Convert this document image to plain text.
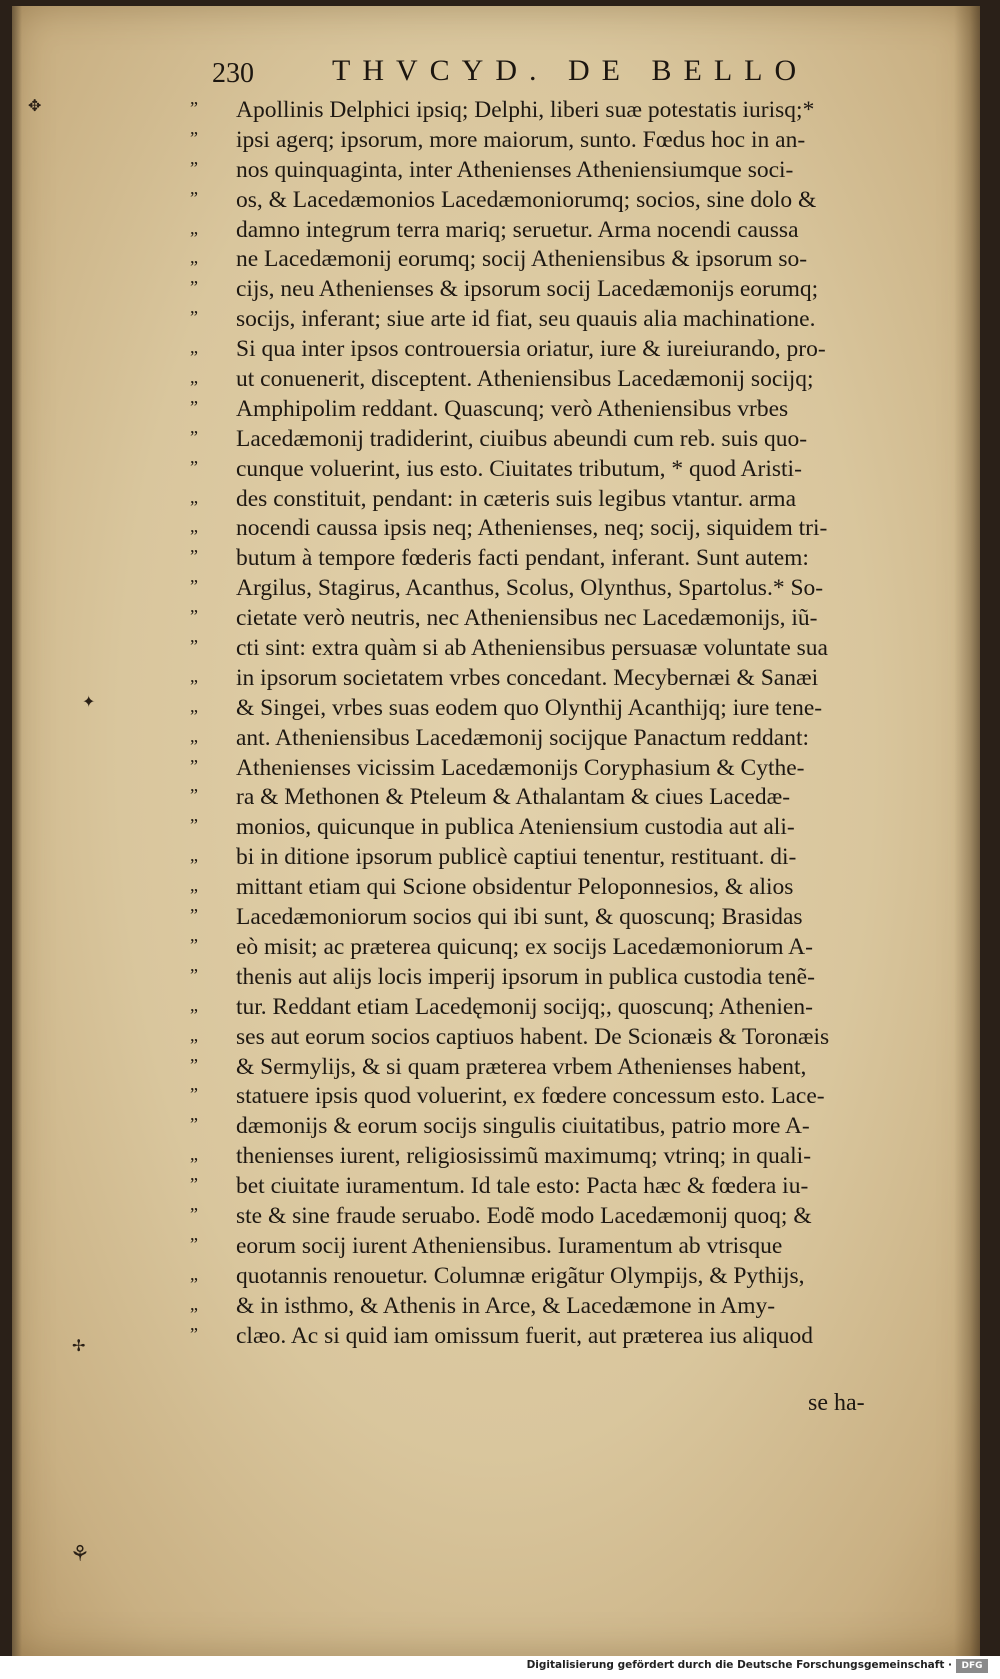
✥
✦
✢
⚘
230	THVCYD. DE BELLO
”	Apollinis Delphici ipsiq; Delphi, liberi suæ potestatis iurisq;*
”	ipsi agerq; ipsorum, more maiorum, sunto. Fœdus hoc in an-
”	nos quinquaginta, inter Athenienses Atheniensiumque soci-
”	os, & Lacedæmonios Lacedæmoniorumq; socios, sine dolo &
„	damno integrum terra mariq; seruetur. Arma nocendi caussa
„	ne Lacedæmonij eorumq; socij Atheniensibus & ipsorum so-
”	cijs, neu Athenienses & ipsorum socij Lacedæmonijs eorumq;
”	socijs, inferant; siue arte id fiat, seu quauis alia machinatione.
„	Si qua inter ipsos controuersia oriatur, iure & iureiurando, pro-
„	ut conuenerit, disceptent. Atheniensibus Lacedæmonij socijq;
”	Amphipolim reddant. Quascunq; verò Atheniensibus vrbes
”	Lacedæmonij tradiderint, ciuibus abeundi cum reb. suis quo-
”	cunque voluerint, ius esto. Ciuitates tributum, * quod Aristi-
„	des constituit, pendant: in cæteris suis legibus vtantur. arma
„	nocendi caussa ipsis neq; Athenienses, neq; socij, siquidem tri-
”	butum à tempore fœderis facti pendant, inferant. Sunt autem:
”	Argilus, Stagirus, Acanthus, Scolus, Olynthus, Spartolus.* So-
”	cietate verò neutris, nec Atheniensibus nec Lacedæmonijs, iũ-
”	cti sint: extra quàm si ab Atheniensibus persuasæ voluntate sua
„	in ipsorum societatem vrbes concedant. Mecybernæi & Sanæi
„	& Singei, vrbes suas eodem quo Olynthij Acanthijq; iure tene-
„	ant. Atheniensibus Lacedæmonij socijque Panactum reddant:
”	Athenienses vicissim Lacedæmonijs Coryphasium & Cythe-
”	ra & Methonen & Pteleum & Athalantam & ciues Lacedæ-
”	monios, quicunque in publica Ateniensium custodia aut ali-
„	bi in ditione ipsorum publicè captiui tenentur, restituant. di-
„	mittant etiam qui Scione obsidentur Peloponnesios, & alios
”	Lacedæmoniorum socios qui ibi sunt, & quoscunq; Brasidas
”	eò misit; ac præterea quicunq; ex socijs Lacedæmoniorum A-
”	thenis aut alijs locis imperij ipsorum in publica custodia tenẽ-
„	tur. Reddant etiam Lacedęmonij socijq;, quoscunq; Athenien-
„	ses aut eorum socios captiuos habent. De Scionæis & Toronæis
”	& Sermylijs, & si quam præterea vrbem Athenienses habent,
”	statuere ipsis quod voluerint, ex fœdere concessum esto. Lace-
”	dæmonijs & eorum socijs singulis ciuitatibus, patrio more A-
„	thenienses iurent, religiosissimũ maximumq; vtrinq; in quali-
”	bet ciuitate iuramentum. Id tale esto: Pacta hæc & fœdera iu-
”	ste & sine fraude seruabo. Eodẽ modo Lacedæmonij quoq; &
”	eorum socij iurent Atheniensibus. Iuramentum ab vtrisque
„	quotannis renouetur. Columnæ erigãtur Olympijs, & Pythijs,
„	& in isthmo, & Athenis in Arce, & Lacedæmone in Amy-
”	clæo. Ac si quid iam omissum fuerit, aut præterea ius aliquod
se ha-
Digitalisierung gefördert durch die Deutsche Forschungsgemeinschaft ·	DFG
